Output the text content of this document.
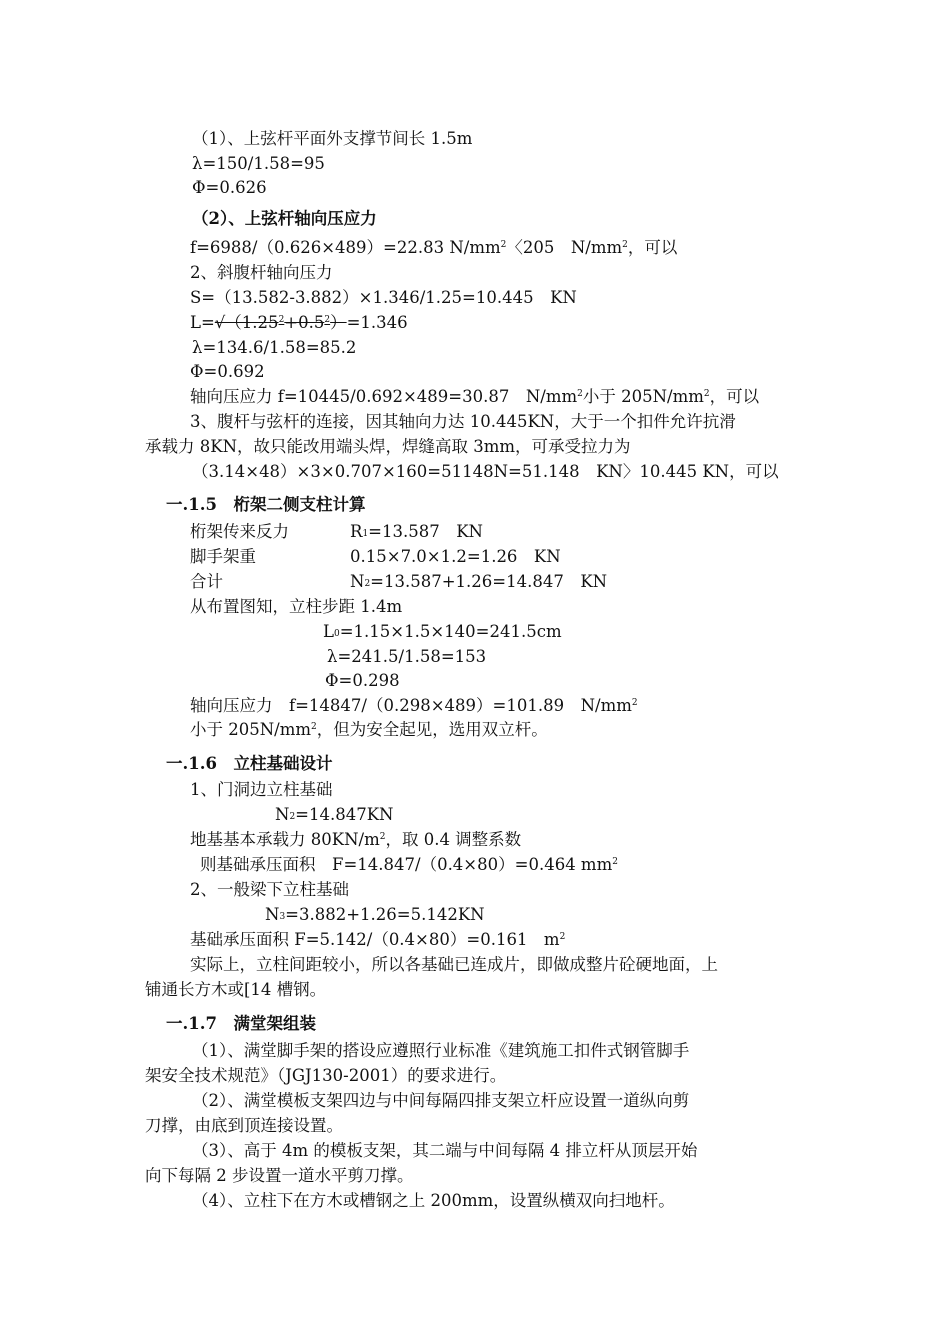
（1）、上弦杆平面外支撑节间长 1.5m
λ=150/1.58=95
Φ=0.626
（2）、上弦杆轴向压应力
f=6988/（0.626×489）=22.83 $N/mm^2$〈205　$N/mm^2$，可以
2、斜腹杆轴向压力
S=（13.582-3.882）×1.346/1.25=10.445　KN
$L=√(1.25^2+0.5^2)=1.346$
λ=134.6/1.58=85.2
Φ=0.692
轴向压应力 f=10445/0.692×489=30.87　$N/mm^2$小于 $205N/mm^2$，可以
3、腹杆与弦杆的连接，因其轴向力达 10.445KN，大于一个扣件允许抗滑
承载力 8KN，故只能改用端头焊，焊缝高取 3mm，可承受拉力为
（3.14×48）×3×0.707×160=51148N=51.148　KN〉10.445 KN，可以
一.1.5　桁架二侧支柱计算
桁架传来反力	$R_1=13.587$　KN
脚手架重	0.15×7.0×1.2=1.26　KN
合计	$N_2=13.587+1.26=14.847$　KN
从布置图知，立柱步距 1.4m
$L_0=1.15\times 1.5\times 140=241.5cm$
λ=241.5/1.58=153
Φ=0.298
轴向压应力　f=14847/（0.298×489）=101.89　$N/mm^2$
小于 $205N/mm^2$，但为安全起见，选用双立杆。
一.1.6　立柱基础设计
1、门洞边立柱基础
$N_2=14.847KN$
地基基本承载力 $80KN/m^2$，取 0.4 调整系数
则基础承压面积　F=14.847/（0.4×80）=0.464 $mm^2$
2、一般梁下立柱基础
$N_3=3.882+1.26=5.142KN$
基础承压面积 F=5.142/（0.4×80）=0.161　$m^2$
实际上，立柱间距较小，所以各基础已连成片，即做成整片砼硬地面，上
铺通长方木或[14 槽钢。
一.1.7　满堂架组装
（1）、满堂脚手架的搭设应遵照行业标准《建筑施工扣件式钢管脚手
架安全技术规范》（JGJ130-2001）的要求进行。
（2）、满堂模板支架四边与中间每隔四排支架立杆应设置一道纵向剪
刀撑，由底到顶连接设置。
（3）、高于 4m 的模板支架，其二端与中间每隔 4 排立杆从顶层开始
向下每隔 2 步设置一道水平剪刀撑。
（4）、立柱下在方木或槽钢之上 200mm，设置纵横双向扫地杆。
